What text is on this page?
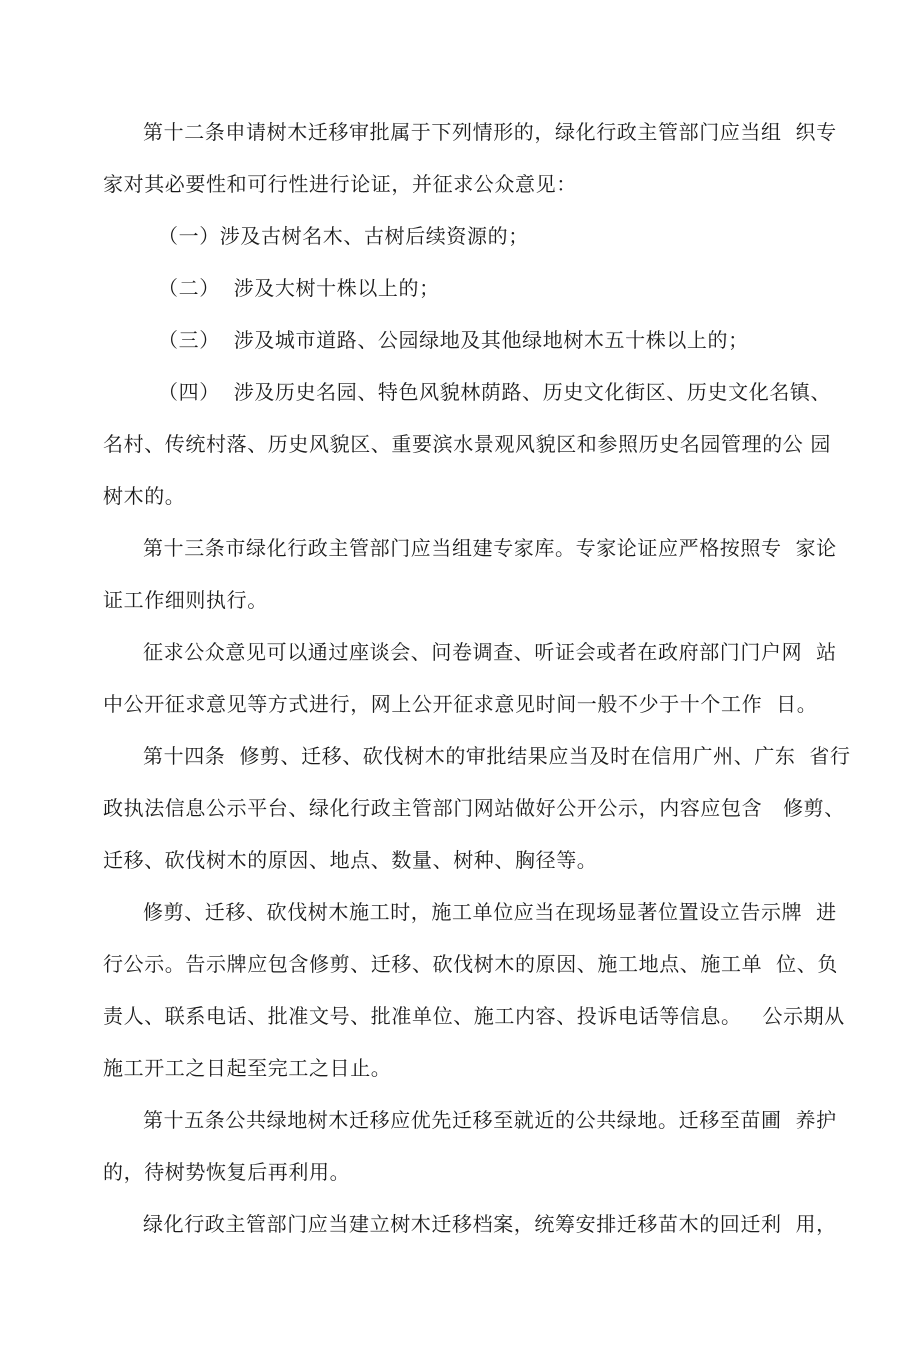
第十二条申请树木迁移审批属于下列情形的，绿化行政主管部门应当组  织专
家对其必要性和可行性进行论证，并征求公众意见：
（一）涉及古树名木、古树后续资源的；
（二）  涉及大树十株以上的；
（三）  涉及城市道路、公园绿地及其他绿地树木五十株以上的；
（四）  涉及历史名园、特色风貌林荫路、历史文化街区、历史文化名镇、
名村、传统村落、历史风貌区、重要滨水景观风貌区和参照历史名园管理的公 园
树木的。
第十三条市绿化行政主管部门应当组建专家库。专家论证应严格按照专  家论
证工作细则执行。
征求公众意见可以通过座谈会、问卷调查、听证会或者在政府部门门户网  站
中公开征求意见等方式进行，网上公开征求意见时间一般不少于十个工作  日。
第十四条  修剪、迁移、砍伐树木的审批结果应当及时在信用广州、广东  省行
政执法信息公示平台、绿化行政主管部门网站做好公开公示，内容应包含   修剪、
迁移、砍伐树木的原因、地点、数量、树种、胸径等。
修剪、迁移、砍伐树木施工时，施工单位应当在现场显著位置设立告示牌  进
行公示。告示牌应包含修剪、迁移、砍伐树木的原因、施工地点、施工单  位、负
责人、联系电话、批准文号、批准单位、施工内容、投诉电话等信息。   公示期从
施工开工之日起至完工之日止。
第十五条公共绿地树木迁移应优先迁移至就近的公共绿地。迁移至苗圃  养护
的，待树势恢复后再利用。
绿化行政主管部门应当建立树木迁移档案，统筹安排迁移苗木的回迁利  用，
